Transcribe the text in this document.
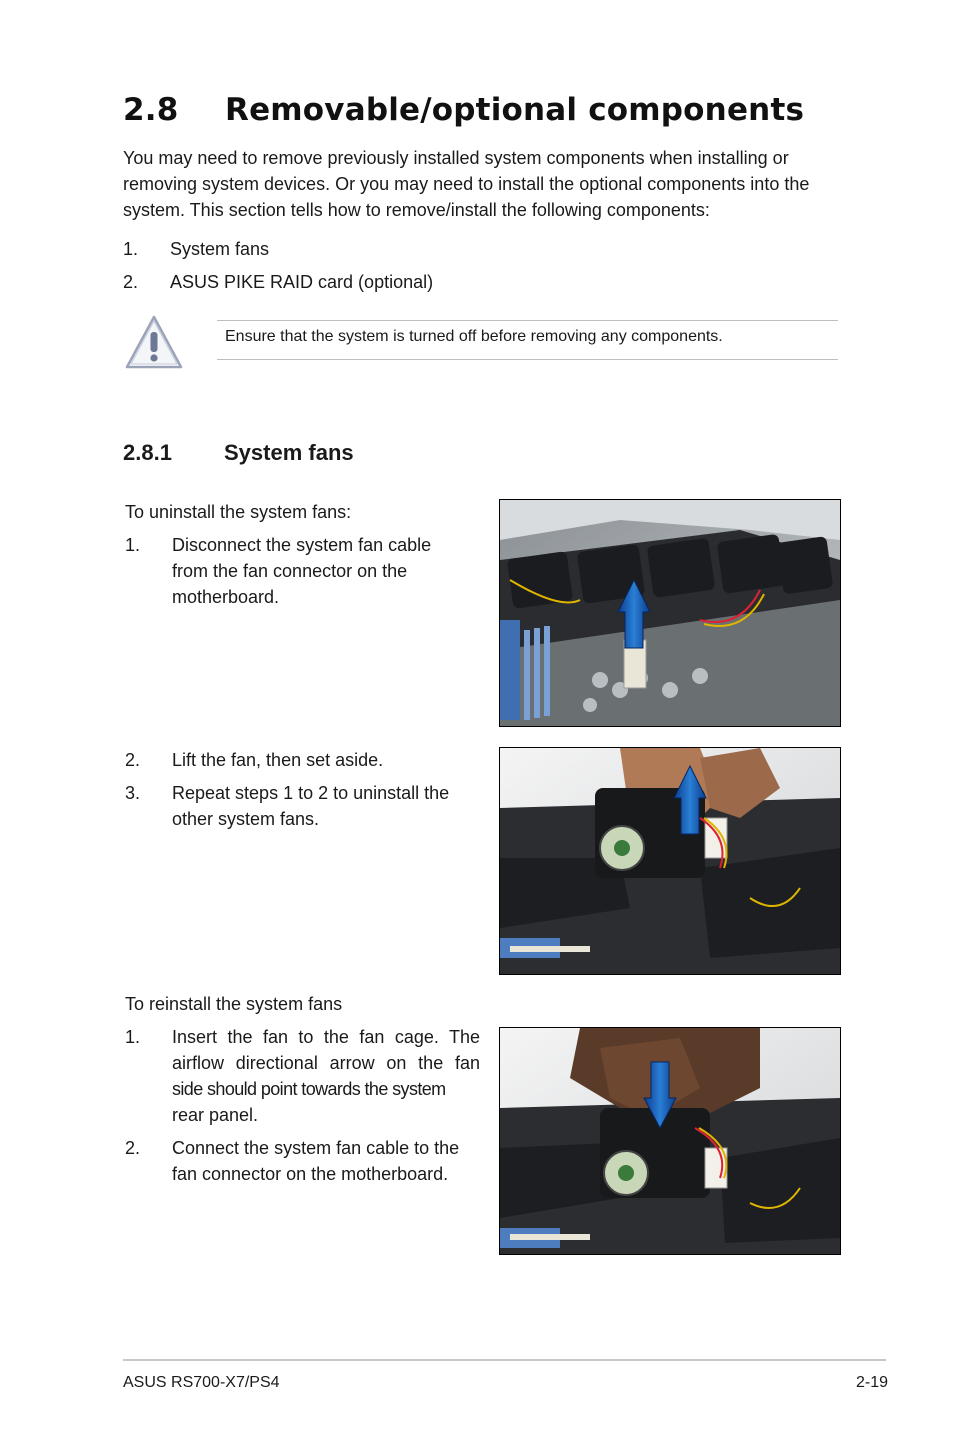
2.8 Removable/optional components
You may need to remove previously installed system components when installing or removing system devices. Or you may need to install the optional components into the system. This section tells how to remove/install the following components:
1. System fans
2. ASUS PIKE RAID card (optional)
Ensure that the system is turned off before removing any components.
2.8.1 System fans
To uninstall the system fans:
1. Disconnect the system fan cable
from the fan connector on the
motherboard.
2. Lift the fan, then set aside.
3. Repeat steps 1 to 2 to uninstall the
other system fans.
To reinstall the system fans
1. Insert the fan to the fan cage. The
airflow directional arrow on the fan
side should point towards the system
rear panel.
2. Connect the system fan cable to the
fan connector on the motherboard.
ASUS RS700-X7/PS4	2-19
